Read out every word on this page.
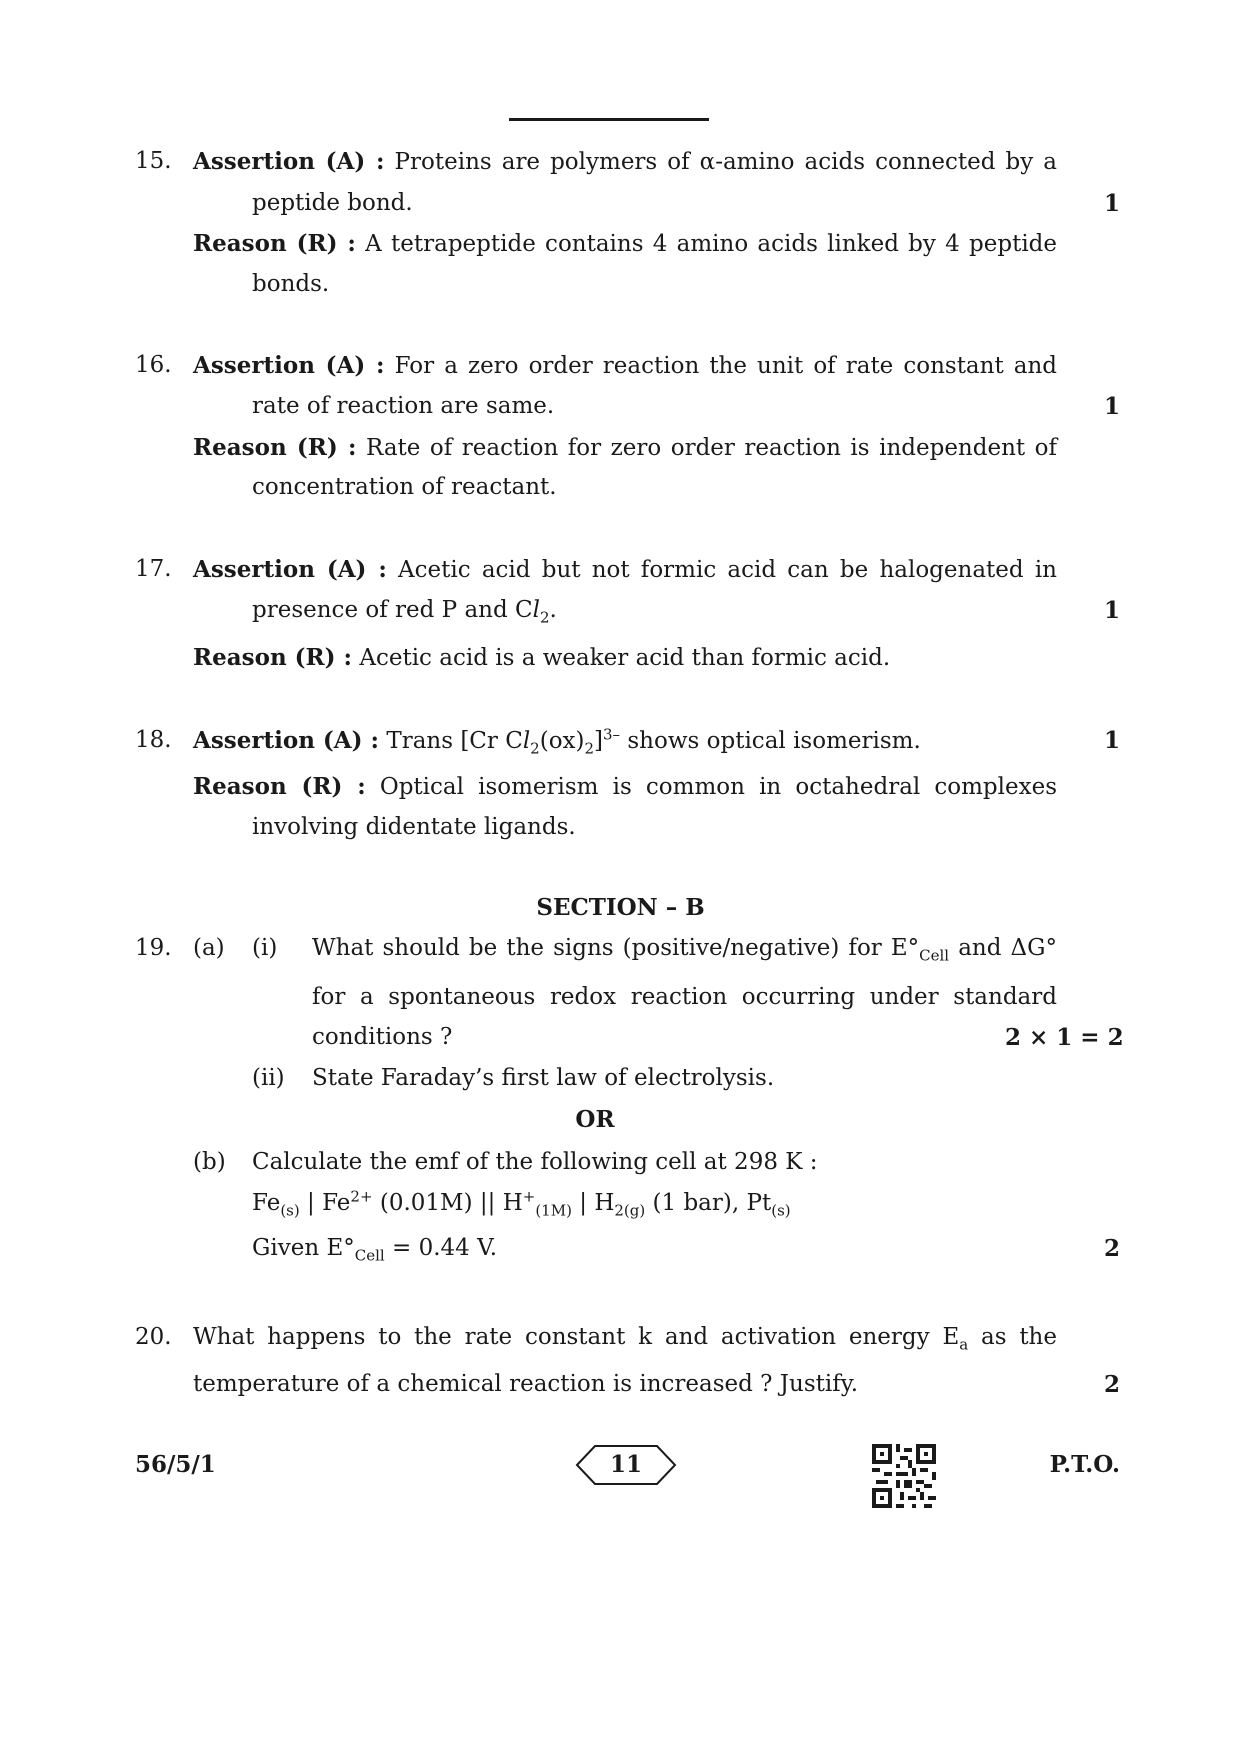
15. Assertion (A) : Proteins are polymers of α-amino acids connected by a
peptide bond.	1
Reason (R) : A tetrapeptide contains 4 amino acids linked by 4 peptide
bonds.
16. Assertion (A) : For a zero order reaction the unit of rate constant and
rate of reaction are same.	1
Reason (R) : Rate of reaction for zero order reaction is independent of
concentration of reactant.
17. Assertion (A) : Acetic acid but not formic acid can be halogenated in
presence of red P and $Cl_2$.	1
Reason (R) : Acetic acid is a weaker acid than formic acid.
18. Assertion (A) : Trans [Cr $Cl_2(ox)_2]^{3-}$ shows optical isomerism.	1
Reason (R) : Optical isomerism is common in octahedral complexes
involving didentate ligands.
SECTION – B
19. (a) (i) What should be the signs (positive/negative) for $E^\circ_{Cell}$ and ΔG°
for a spontaneous redox reaction occurring under standard
conditions ?	2 × 1 = 2
(ii) State Faraday’s first law of electrolysis.
OR
(b) Calculate the emf of the following cell at 298 K :
$Fe_{(s)}$ | $Fe^{2+}$ (0.01M) || $H^+_{(1M)}$ | $H_{2(g)}$ (1 bar), $Pt_{(s)}$
Given $E^\circ_{Cell} = 0.44$ V.	2
20. What happens to the rate constant k and activation energy $E_a$ as the
temperature of a chemical reaction is increased ? Justify.	2
56/5/1	11	P.T.O.
